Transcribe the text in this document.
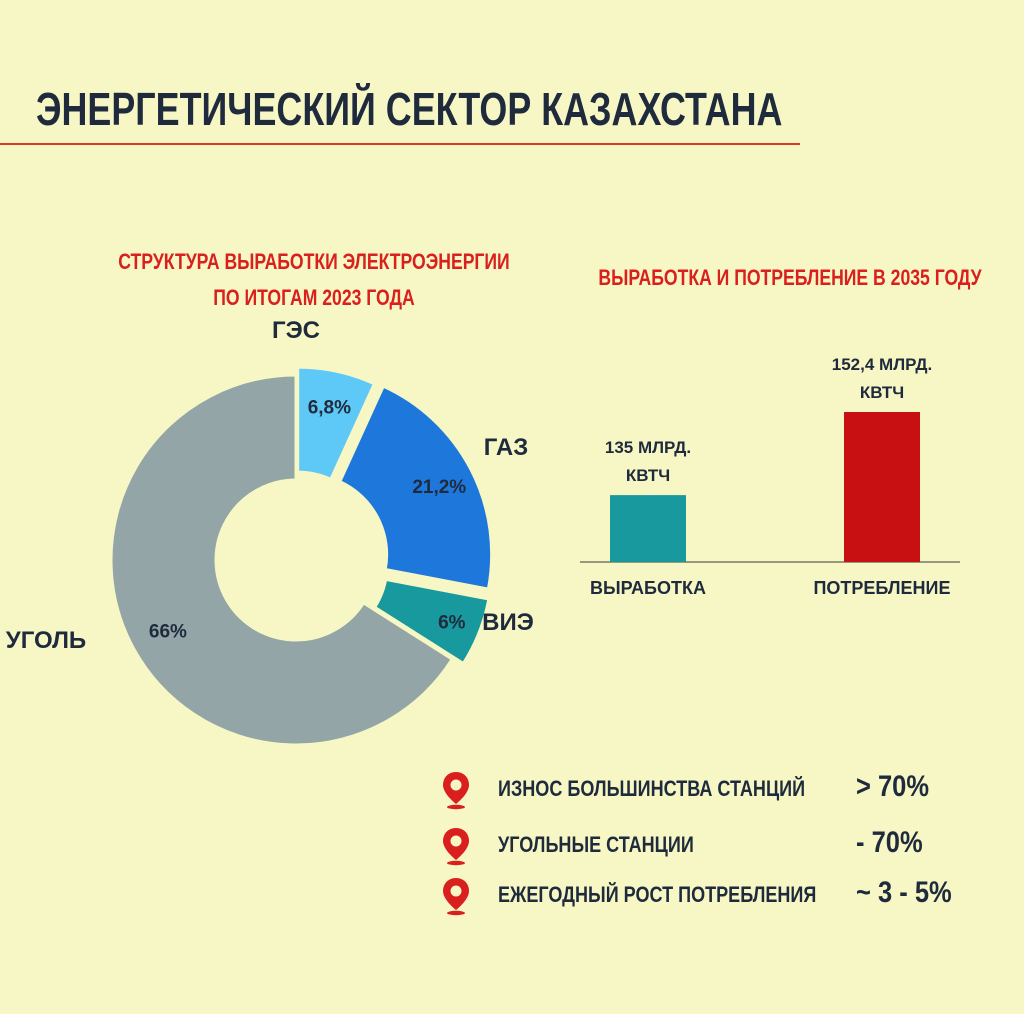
ЭНЕРГЕТИЧЕСКИЙ СЕКТОР КАЗАХСТАНА
СТРУКТУРА ВЫРАБОТКИ ЭЛЕКТРОЭНЕРГИИ
ПО ИТОГАМ 2023 ГОДА
ВЫРАБОТКА И ПОТРЕБЛЕНИЕ В 2035 ГОДУ
6,8%
ГЭС
21,2%
ГАЗ
6% ВИЭ
66%
УГОЛЬ
135 МЛРД.
КВТЧ
ВЫРАБОТКА
152,4 МЛРД.
КВТЧ
ПОТРЕБЛЕНИЕ
ИЗНОС БОЛЬШИНСТВА СТАНЦИЙ > 70%
УГОЛЬНЫЕ СТАНЦИИ	- 70%
ЕЖЕГОДНЫЙ РОСТ ПОТРЕБЛЕНИЯ ~ 3 - 5%
